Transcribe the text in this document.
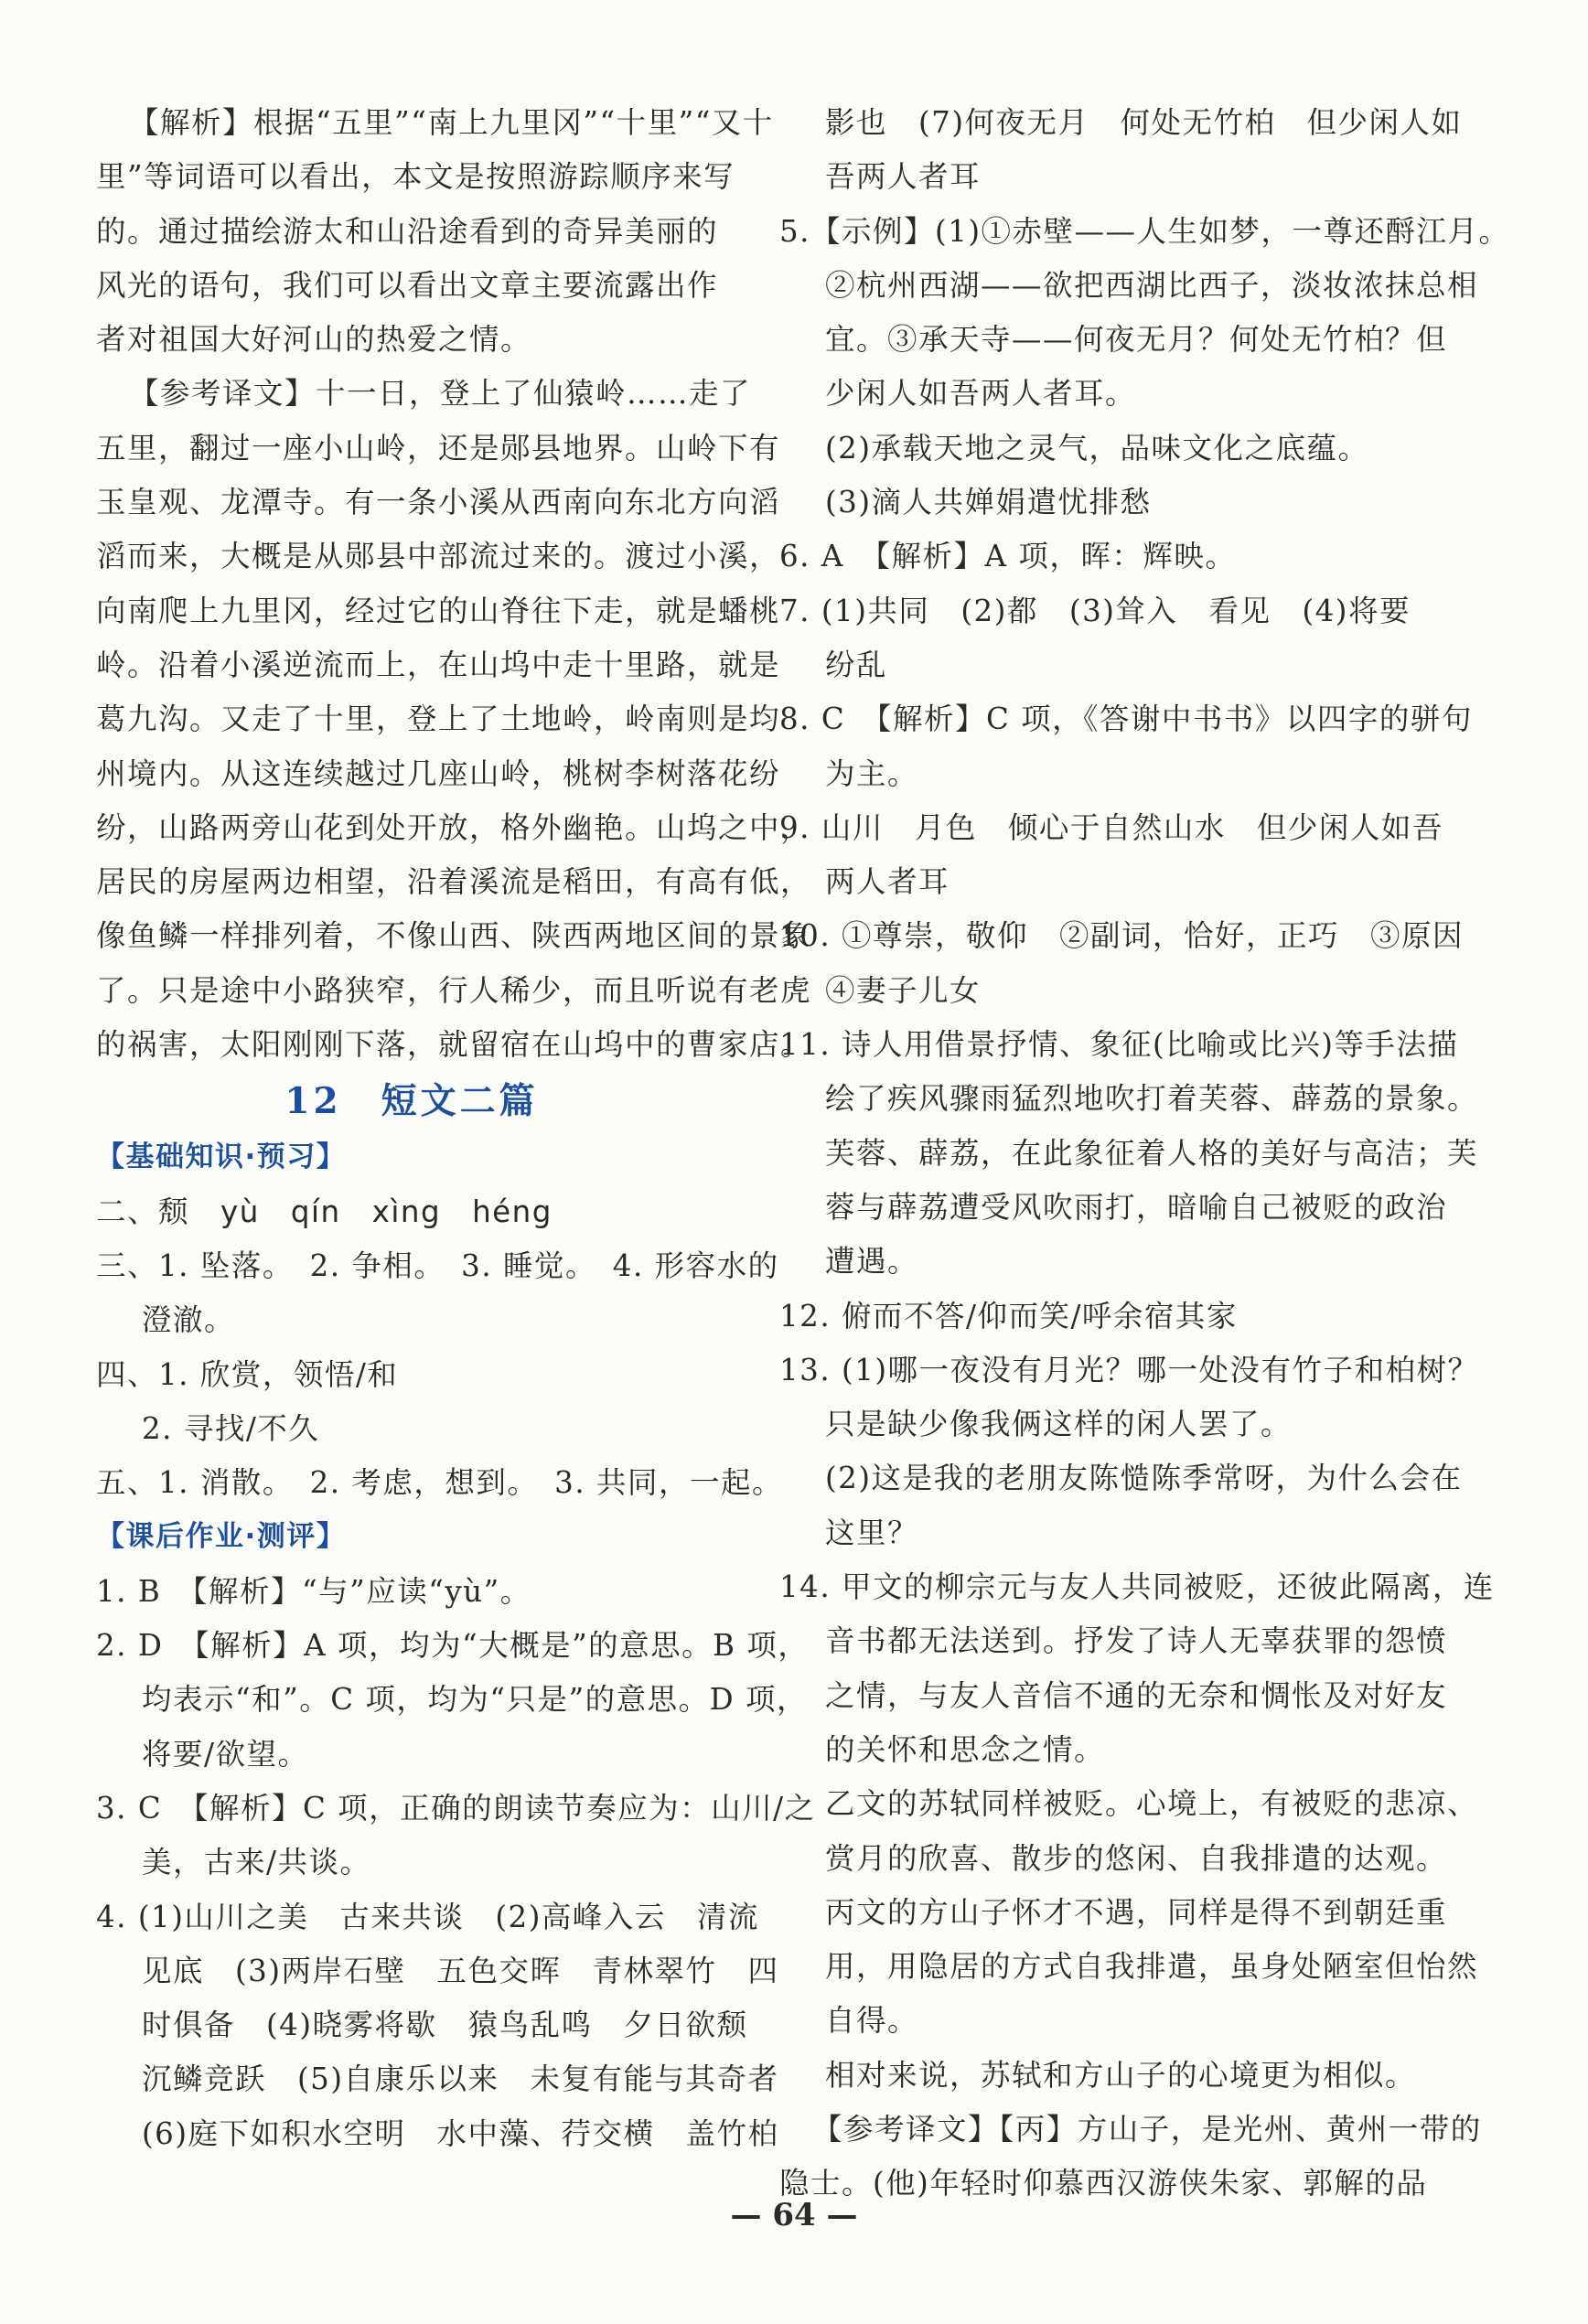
【解析】根据“五里”“南上九里冈”“十里”“又十
里”等词语可以看出，本文是按照游踪顺序来写
的。通过描绘游太和山沿途看到的奇异美丽的
风光的语句，我们可以看出文章主要流露出作
者对祖国大好河山的热爱之情。
【参考译文】十一日，登上了仙猿岭……走了
五里，翻过一座小山岭，还是郧县地界。山岭下有
玉皇观、龙潭寺。有一条小溪从西南向东北方向滔
滔而来，大概是从郧县中部流过来的。渡过小溪，
向南爬上九里冈，经过它的山脊往下走，就是蟠桃
岭。沿着小溪逆流而上，在山坞中走十里路，就是
葛九沟。又走了十里，登上了土地岭，岭南则是均
州境内。从这连续越过几座山岭，桃树李树落花纷
纷，山路两旁山花到处开放，格外幽艳。山坞之中，
居民的房屋两边相望，沿着溪流是稻田，有高有低，
像鱼鳞一样排列着，不像山西、陕西两地区间的景象
了。只是途中小路狭窄，行人稀少，而且听说有老虎
的祸害，太阳刚刚下落，就留宿在山坞中的曹家店。
12　短文二篇
【基础知识·预习】
二、颓　yù　qín　xìng　héng
三、1. 坠落。　2. 争相。　3. 睡觉。　4. 形容水的
澄澈。
四、1. 欣赏，领悟/和
2. 寻找/不久
五、1. 消散。　2. 考虑，想到。　3. 共同，一起。
【课后作业·测评】
1. B　【解析】“与”应读“yù”。
2. D　【解析】A 项，均为“大概是”的意思。B 项，
均表示“和”。C 项，均为“只是”的意思。D 项，
将要/欲望。
3. C　【解析】C 项，正确的朗读节奏应为：山川/之
美，古来/共谈。
4. (1)山川之美　古来共谈　(2)高峰入云　清流
见底　(3)两岸石壁　五色交晖　青林翠竹　四
时俱备　(4)晓雾将歇　猿鸟乱鸣　夕日欲颓
沉鳞竞跃　(5)自康乐以来　未复有能与其奇者
(6)庭下如积水空明　水中藻、荇交横　盖竹柏
影也　(7)何夜无月　何处无竹柏　但少闲人如
吾两人者耳
5.【示例】(1)①赤壁——人生如梦，一尊还酹江月。
②杭州西湖——欲把西湖比西子，淡妆浓抹总相
宜。③承天寺——何夜无月？何处无竹柏？但
少闲人如吾两人者耳。
(2)承载天地之灵气，品味文化之底蕴。
(3)滴人共婵娟遣忧排愁
6. A　【解析】A 项，晖：辉映。
7. (1)共同　(2)都　(3)耸入　看见　(4)将要
纷乱
8. C　【解析】C 项，《答谢中书书》以四字的骈句
为主。
9. 山川　月色　倾心于自然山水　但少闲人如吾
两人者耳
10. ①尊崇，敬仰　②副词，恰好，正巧　③原因
④妻子儿女
11. 诗人用借景抒情、象征(比喻或比兴)等手法描
绘了疾风骤雨猛烈地吹打着芙蓉、薜荔的景象。
芙蓉、薜荔，在此象征着人格的美好与高洁；芙
蓉与薜荔遭受风吹雨打，暗喻自己被贬的政治
遭遇。
12. 俯而不答/仰而笑/呼余宿其家
13. (1)哪一夜没有月光？哪一处没有竹子和柏树？
只是缺少像我俩这样的闲人罢了。
(2)这是我的老朋友陈慥陈季常呀，为什么会在
这里？
14. 甲文的柳宗元与友人共同被贬，还彼此隔离，连
音书都无法送到。抒发了诗人无辜获罪的怨愤
之情，与友人音信不通的无奈和惆怅及对好友
的关怀和思念之情。
乙文的苏轼同样被贬。心境上，有被贬的悲凉、
赏月的欣喜、散步的悠闲、自我排遣的达观。
丙文的方山子怀才不遇，同样是得不到朝廷重
用，用隐居的方式自我排遣，虽身处陋室但怡然
自得。
相对来说，苏轼和方山子的心境更为相似。
【参考译文】【丙】方山子，是光州、黄州一带的
隐士。(他)年轻时仰慕西汉游侠朱家、郭解的品
— 64 —
